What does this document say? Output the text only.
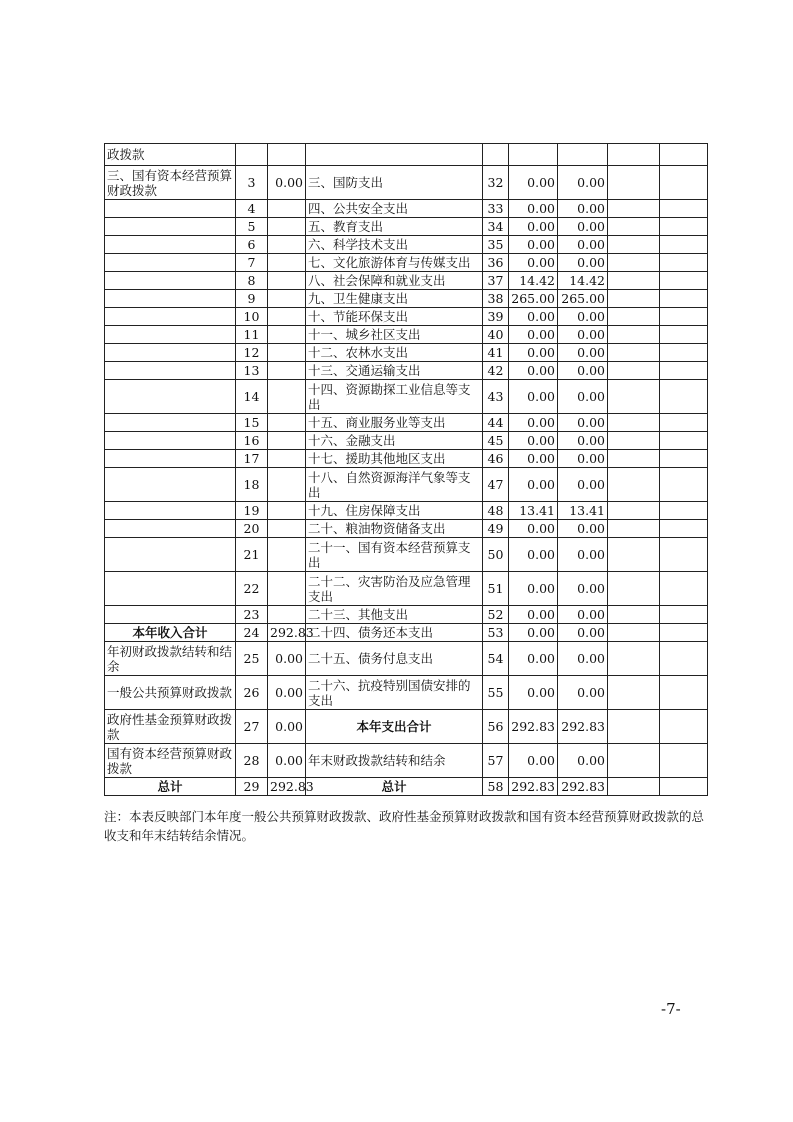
政拨款								
三、国有资本经营预算财政拨款	3	0.00	三、国防支出	32	0.00	0.00		
	4		四、公共安全支出	33	0.00	0.00		
	5		五、教育支出	34	0.00	0.00		
	6		六、科学技术支出	35	0.00	0.00		
	7		七、文化旅游体育与传媒支出	36	0.00	0.00		
	8		八、社会保障和就业支出	37	14.42	14.42		
	9		九、卫生健康支出	38	265.00	265.00		
	10		十、节能环保支出	39	0.00	0.00		
	11		十一、城乡社区支出	40	0.00	0.00		
	12		十二、农林水支出	41	0.00	0.00		
	13		十三、交通运输支出	42	0.00	0.00		
	14		十四、资源勘探工业信息等支出	43	0.00	0.00		
	15		十五、商业服务业等支出	44	0.00	0.00		
	16		十六、金融支出	45	0.00	0.00		
	17		十七、援助其他地区支出	46	0.00	0.00		
	18		十八、自然资源海洋气象等支出	47	0.00	0.00		
	19		十九、住房保障支出	48	13.41	13.41		
	20		二十、粮油物资储备支出	49	0.00	0.00		
	21		二十一、国有资本经营预算支出	50	0.00	0.00		
	22		二十二、灾害防治及应急管理支出	51	0.00	0.00		
	23		二十三、其他支出	52	0.00	0.00		
本年收入合计	24	292.83	二十四、债务还本支出	53	0.00	0.00		
年初财政拨款结转和结余	25	0.00	二十五、债务付息支出	54	0.00	0.00		
一般公共预算财政拨款	26	0.00	二十六、抗疫特别国债安排的支出	55	0.00	0.00		
政府性基金预算财政拨款	27	0.00	本年支出合计	56	292.83	292.83		
国有资本经营预算财政拨款	28	0.00	年末财政拨款结转和结余	57	0.00	0.00		
总计	29	292.83	总计	58	292.83	292.83		
注：本表反映部门本年度一般公共预算财政拨款、政府性基金预算财政拨款和国有资本经营预算财政拨款的总收支和年末结转结余情况。
-7-
